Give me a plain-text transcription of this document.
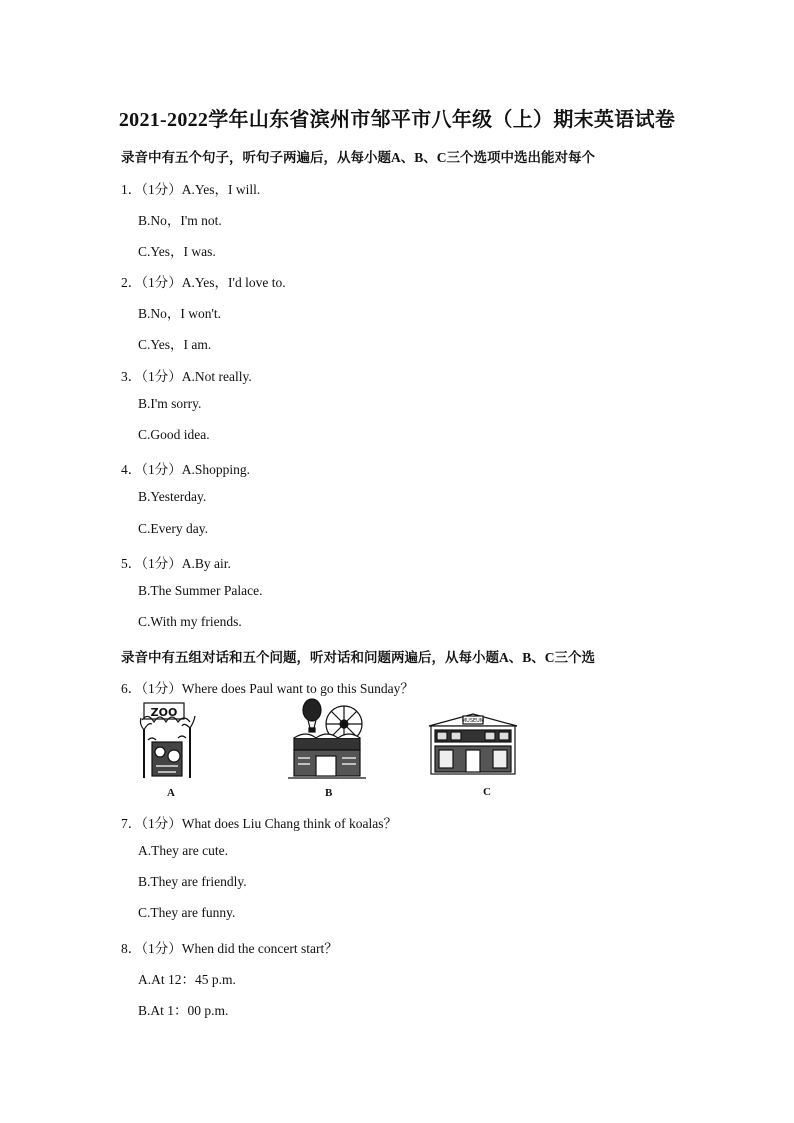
2021-2022学年山东省滨州市邹平市八年级（上）期末英语试卷
录音中有五个句子，听句子两遍后，从每小题A、B、C三个选项中选出能对每个
1．（1分）A.Yes，I will.
B.No，I'm not.
C.Yes，I was.
2．（1分）A.Yes，I'd love to.
B.No，I won't.
C.Yes，I am.
3．（1分）A.Not really.
B.I'm sorry.
C.Good idea.
4．（1分）A.Shopping.
B.Yesterday.
C.Every day.
5．（1分）A.By air.
B.The Summer Palace.
C.With my friends.
录音中有五组对话和五个问题，听对话和问题两遍后，从每小题A、B、C三个选
6．（1分）Where does Paul want to go this Sunday？
ZOO
A	B
MUSEUM
C
7．（1分）What does Liu Chang think of koalas？
A.They are cute.
B.They are friendly.
C.They are funny.
8．（1分）When did the concert start？
A.At 12：45 p.m.
B.At 1：00 p.m.
